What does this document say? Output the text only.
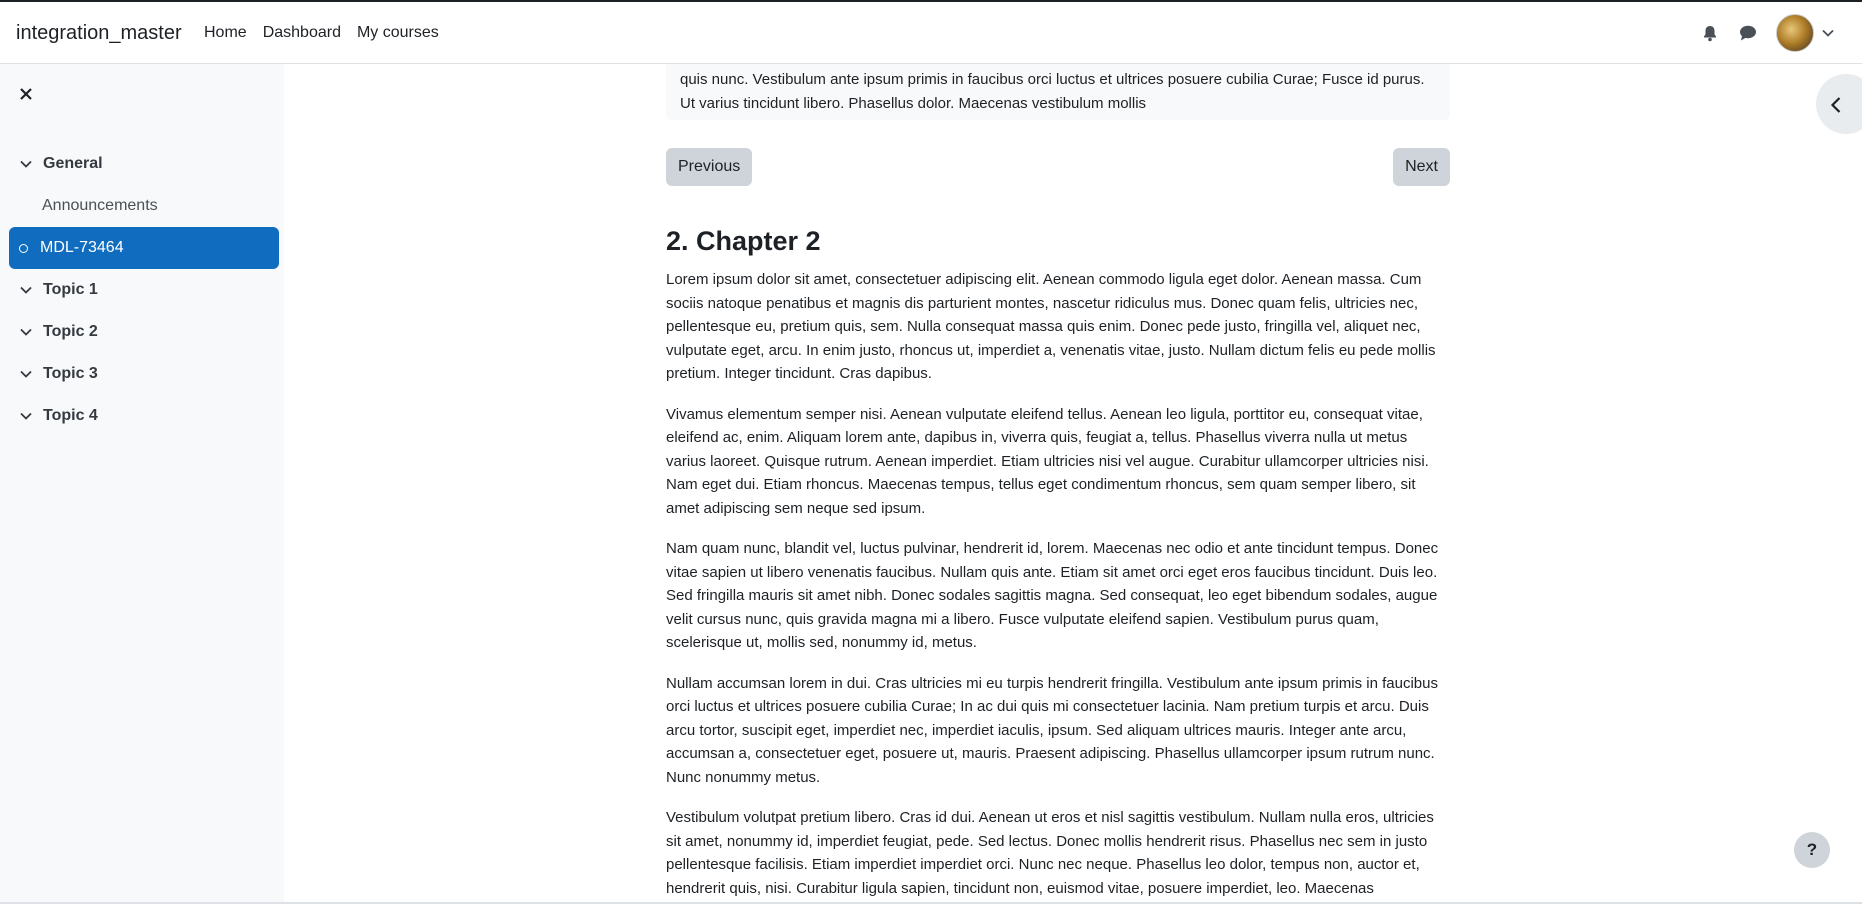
integration_master Home Dashboard My courses
General
Announcements
MDL-73464
Topic 1
Topic 2
Topic 3
Topic 4
quis nunc. Vestibulum ante ipsum primis in faucibus orci luctus et ultrices posuere cubilia Curae; Fusce id purus. Ut varius tincidunt libero. Phasellus dolor. Maecenas vestibulum mollis
Previous	Next
2. Chapter 2

Lorem ipsum dolor sit amet, consectetuer adipiscing elit. Aenean commodo ligula eget dolor. Aenean massa. Cum sociis natoque penatibus et magnis dis parturient montes, nascetur ridiculus mus. Donec quam felis, ultricies nec, pellentesque eu, pretium quis, sem. Nulla consequat massa quis enim. Donec pede justo, fringilla vel, aliquet nec, vulputate eget, arcu. In enim justo, rhoncus ut, imperdiet a, venenatis vitae, justo. Nullam dictum felis eu pede mollis pretium. Integer tincidunt. Cras dapibus.

Vivamus elementum semper nisi. Aenean vulputate eleifend tellus. Aenean leo ligula, porttitor eu, consequat vitae, eleifend ac, enim. Aliquam lorem ante, dapibus in, viverra quis, feugiat a, tellus. Phasellus viverra nulla ut metus varius laoreet. Quisque rutrum. Aenean imperdiet. Etiam ultricies nisi vel augue. Curabitur ullamcorper ultricies nisi. Nam eget dui. Etiam rhoncus. Maecenas tempus, tellus eget condimentum rhoncus, sem quam semper libero, sit amet adipiscing sem neque sed ipsum.

Nam quam nunc, blandit vel, luctus pulvinar, hendrerit id, lorem. Maecenas nec odio et ante tincidunt tempus. Donec vitae sapien ut libero venenatis faucibus. Nullam quis ante. Etiam sit amet orci eget eros faucibus tincidunt. Duis leo. Sed fringilla mauris sit amet nibh. Donec sodales sagittis magna. Sed consequat, leo eget bibendum sodales, augue velit cursus nunc, quis gravida magna mi a libero. Fusce vulputate eleifend sapien. Vestibulum purus quam, scelerisque ut, mollis sed, nonummy id, metus.

Nullam accumsan lorem in dui. Cras ultricies mi eu turpis hendrerit fringilla. Vestibulum ante ipsum primis in faucibus orci luctus et ultrices posuere cubilia Curae; In ac dui quis mi consectetuer lacinia. Nam pretium turpis et arcu. Duis arcu tortor, suscipit eget, imperdiet nec, imperdiet iaculis, ipsum. Sed aliquam ultrices mauris. Integer ante arcu, accumsan a, consectetuer eget, posuere ut, mauris. Praesent adipiscing. Phasellus ullamcorper ipsum rutrum nunc. Nunc nonummy metus.

Vestibulum volutpat pretium libero. Cras id dui. Aenean ut eros et nisl sagittis vestibulum. Nullam nulla eros, ultricies sit amet, nonummy id, imperdiet feugiat, pede. Sed lectus. Donec mollis hendrerit risus. Phasellus nec sem in justo pellentesque facilisis. Etiam imperdiet imperdiet orci. Nunc nec neque. Phasellus leo dolor, tempus non, auctor et, hendrerit quis, nisi. Curabitur ligula sapien, tincidunt non, euismod vitae, posuere imperdiet, leo. Maecenas

?
